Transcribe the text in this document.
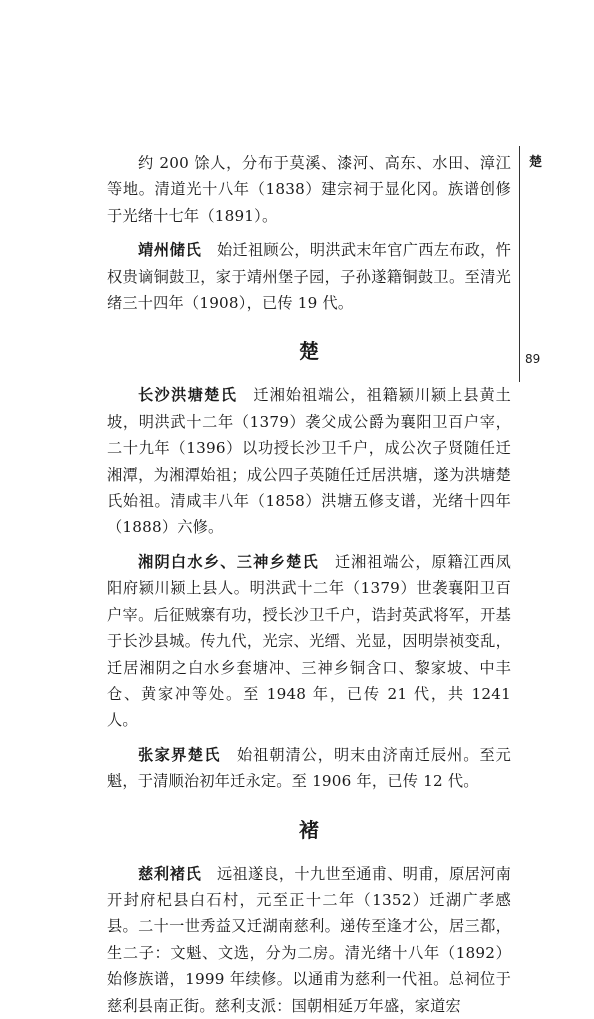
楚
89

约 200 馀人，分布于莫溪、漆河、高东、水田、漳江等地。清道光十八年（1838）建宗祠于显化冈。族谱创修于光绪十七年（1891）。

靖州储氏　始迁祖顾公，明洪武末年官广西左布政，忤权贵谪铜鼓卫，家于靖州堡子园，子孙遂籍铜鼓卫。至清光绪三十四年（1908），已传 19 代。

楚

长沙洪塘楚氏　迁湘始祖端公，祖籍颍川颍上县黄土坡，明洪武十二年（1379）袭父成公爵为襄阳卫百户宰，二十九年（1396）以功授长沙卫千户，成公次子贤随任迁湘潭，为湘潭始祖；成公四子英随任迁居洪塘，遂为洪塘楚氏始祖。清咸丰八年（1858）洪塘五修支谱，光绪十四年（1888）六修。

湘阴白水乡、三神乡楚氏　迁湘祖端公，原籍江西凤阳府颍川颍上县人。明洪武十二年（1379）世袭襄阳卫百户宰。后征贼寨有功，授长沙卫千户，诰封英武将军，开基于长沙县城。传九代，光宗、光缙、光显，因明崇祯变乱，迁居湘阴之白水乡套塘冲、三神乡铜含口、黎家坡、中丰仓、黄家冲等处。至 1948 年，已传 21 代，共 1241 人。

张家界楚氏　始祖朝清公，明末由济南迁辰州。至元魁，于清顺治初年迁永定。至 1906 年，已传 12 代。

褚

慈利褚氏　远祖遂良，十九世至通甫、明甫，原居河南开封府杞县白石村，元至正十二年（1352）迁湖广孝感县。二十一世秀益又迁湖南慈利。递传至逢才公，居三都，生二子：文魁、文选，分为二房。清光绪十八年（1892）始修族谱，1999 年续修。以通甫为慈利一代祖。总祠位于慈利县南正街。慈利支派：国朝相延万年盛，家道宏
